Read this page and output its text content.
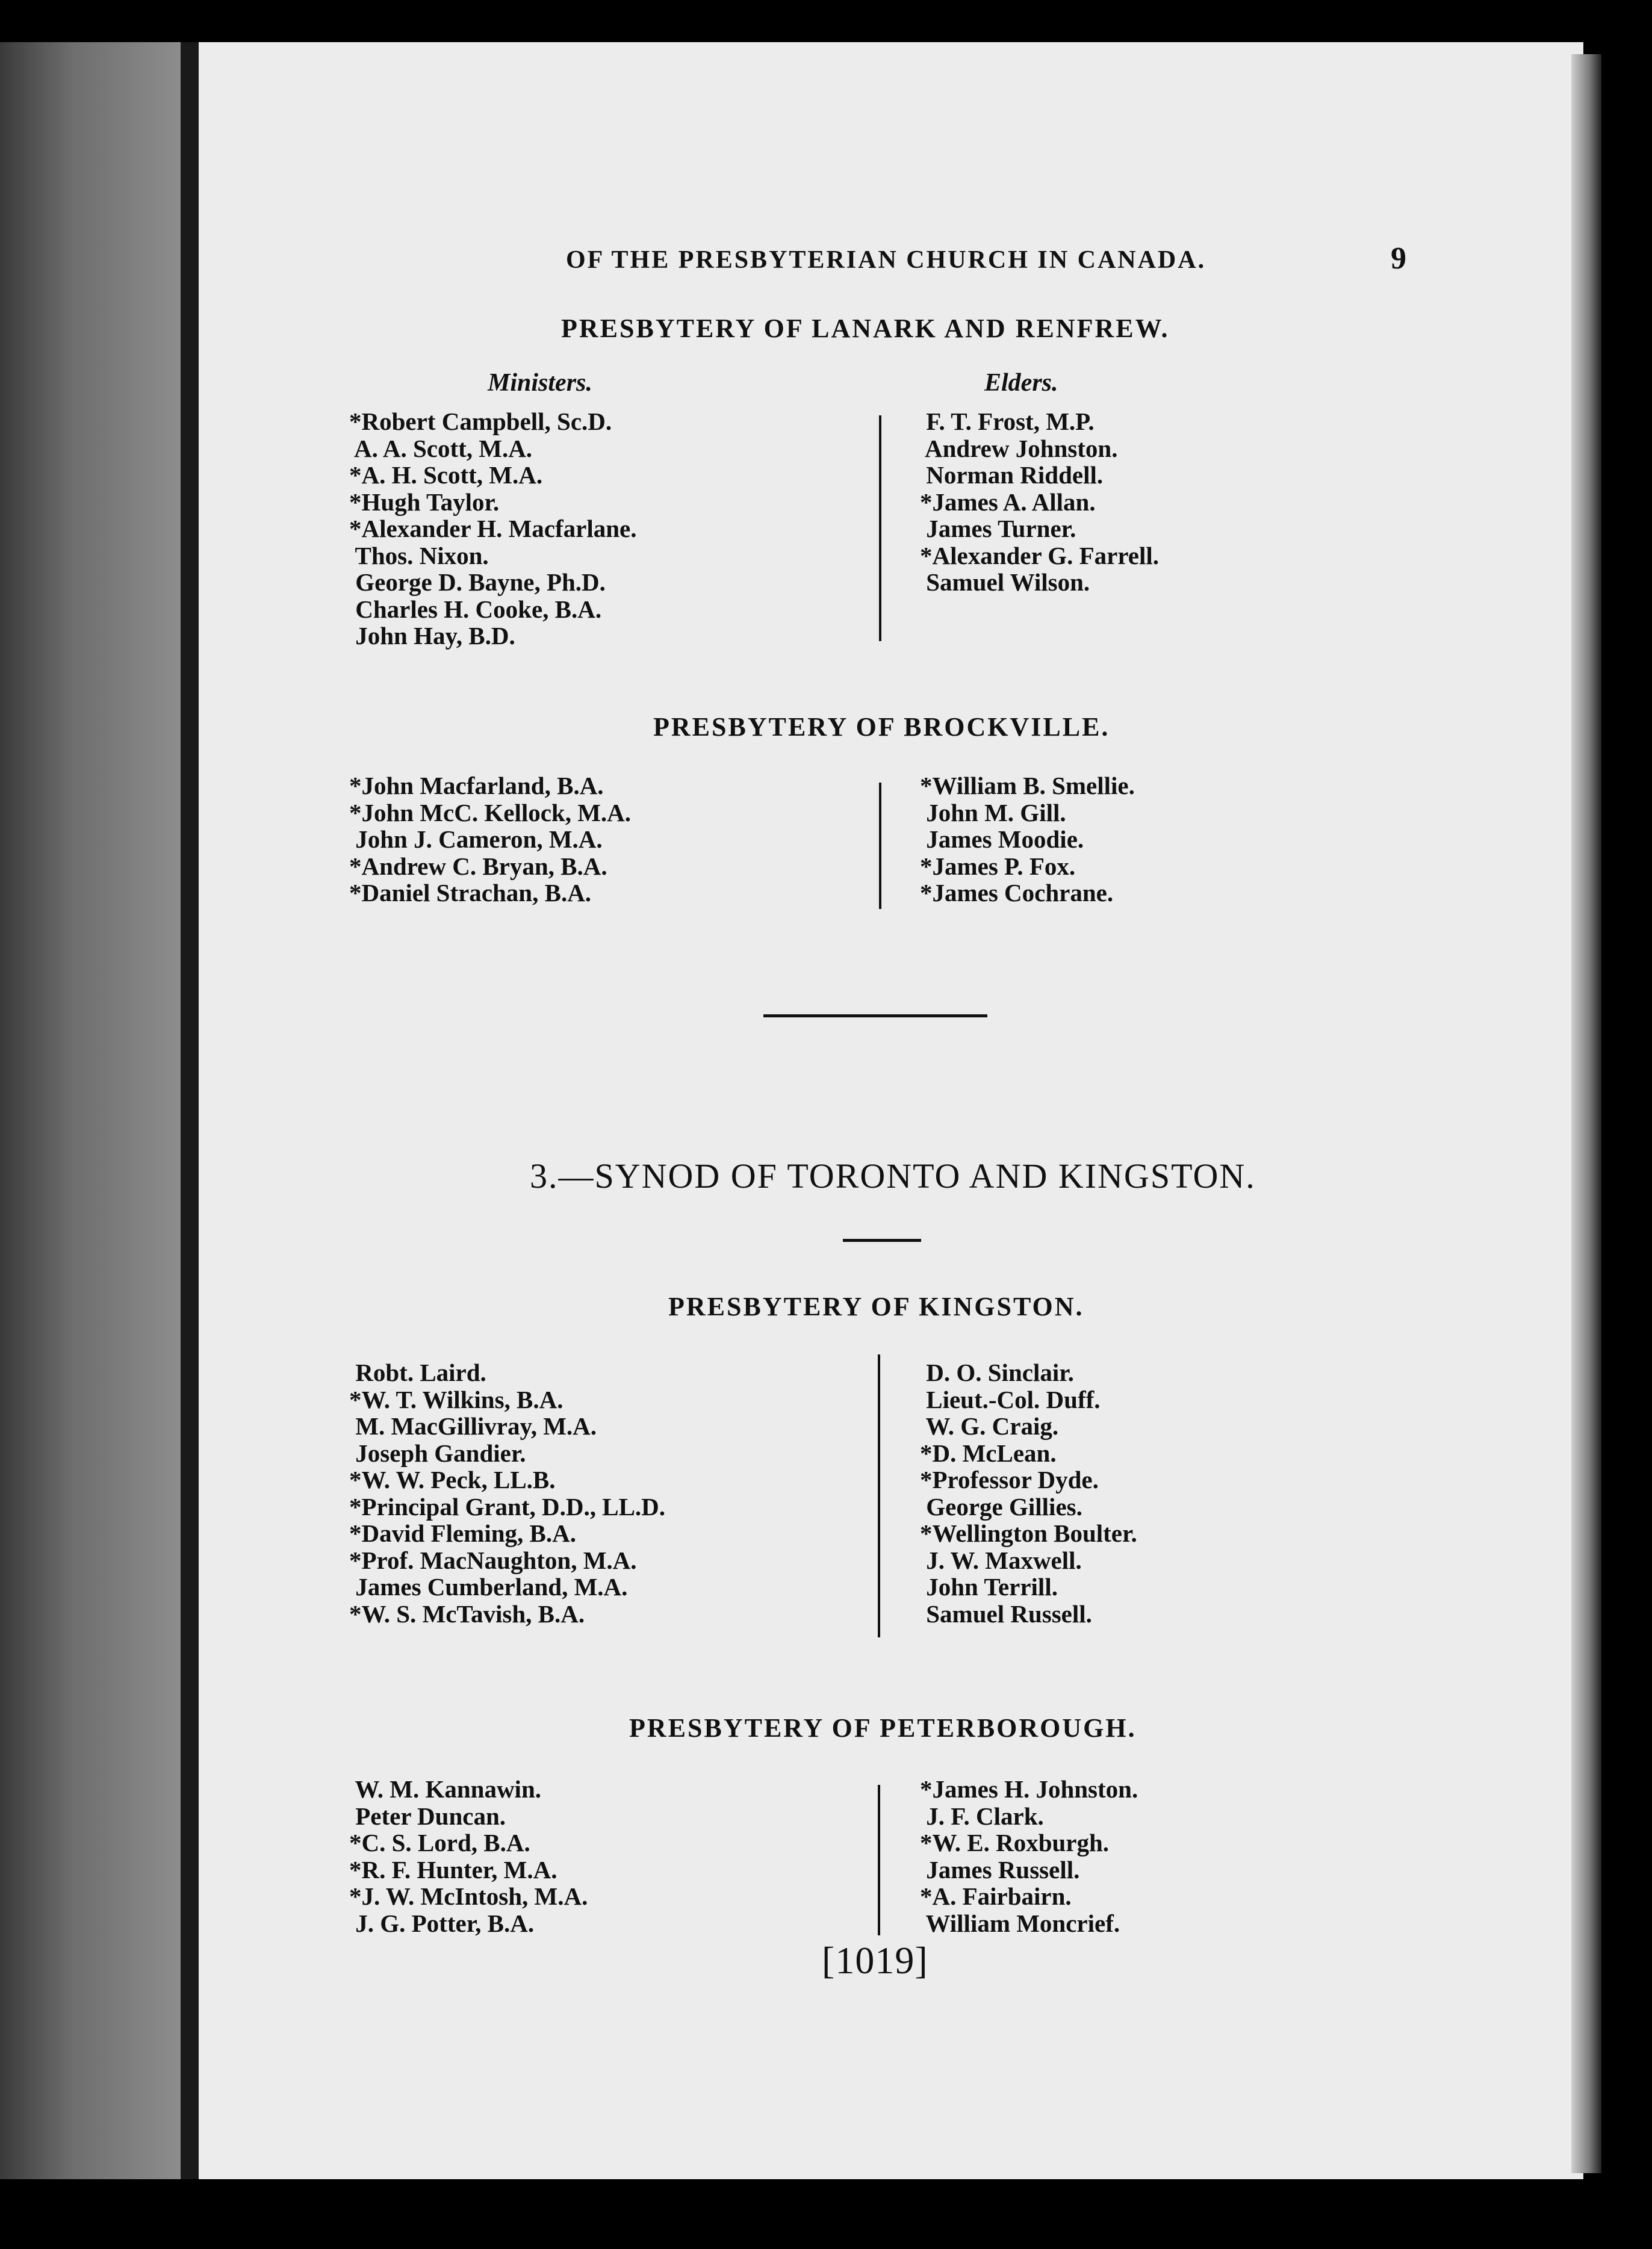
OF THE PRESBYTERIAN CHURCH IN CANADA.	9
PRESBYTERY OF LANARK AND RENFREW.
Ministers.	Elders.
*Robert Campbell, Sc.D.
A. A. Scott, M.A.
*A. H. Scott, M.A.
*Hugh Taylor.
*Alexander H. Macfarlane.
Thos. Nixon.
George D. Bayne, Ph.D.
Charles H. Cooke, B.A.
John Hay, B.D.
F. T. Frost, M.P.
Andrew Johnston.
Norman Riddell.
*James A. Allan.
James Turner.
*Alexander G. Farrell.
Samuel Wilson.
PRESBYTERY OF BROCKVILLE.
*John Macfarland, B.A.
*John McC. Kellock, M.A.
John J. Cameron, M.A.
*Andrew C. Bryan, B.A.
*Daniel Strachan, B.A.
*William B. Smellie.
John M. Gill.
James Moodie.
*James P. Fox.
*James Cochrane.
3.—SYNOD OF TORONTO AND KINGSTON.
PRESBYTERY OF KINGSTON.
Robt. Laird.
*W. T. Wilkins, B.A.
M. MacGillivray, M.A.
Joseph Gandier.
*W. W. Peck, LL.B.
*Principal Grant, D.D., LL.D.
*David Fleming, B.A.
*Prof. MacNaughton, M.A.
James Cumberland, M.A.
*W. S. McTavish, B.A.
D. O. Sinclair.
Lieut.-Col. Duff.
W. G. Craig.
*D. McLean.
*Professor Dyde.
George Gillies.
*Wellington Boulter.
J. W. Maxwell.
John Terrill.
Samuel Russell.
PRESBYTERY OF PETERBOROUGH.
W. M. Kannawin.
Peter Duncan.
*C. S. Lord, B.A.
*R. F. Hunter, M.A.
*J. W. McIntosh, M.A.
J. G. Potter, B.A.
*James H. Johnston.
J. F. Clark.
*W. E. Roxburgh.
James Russell.
*A. Fairbairn.
William Moncrief.
[1019]
